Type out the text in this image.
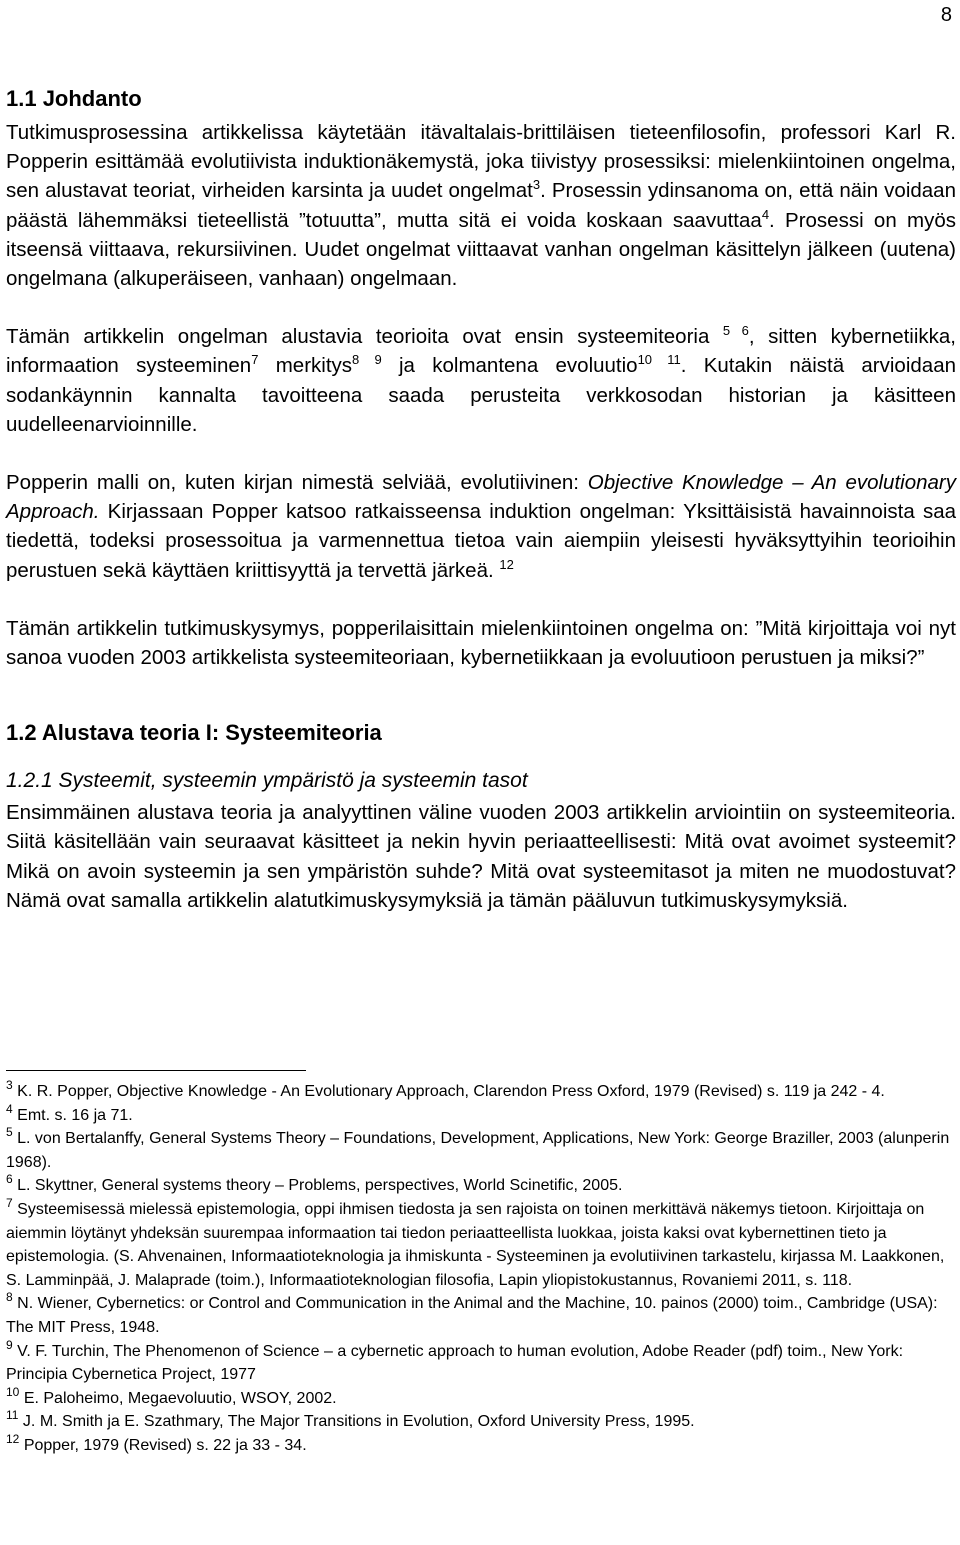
8
1.1 Johdanto

Tutkimusprosessina artikkelissa käytetään itävaltalais-brittiläisen tieteenfilosofin, professori Karl R. Popperin esittämää evolutiivista induktionäkemystä, joka tiivistyy prosessiksi: mielenkiintoinen ongelma, sen alustavat teoriat, virheiden karsinta ja uudet ongelmat$^3$. Prosessin ydinsanoma on, että näin voidaan päästä lähemmäksi tieteellistä ”totuutta”, mutta sitä ei voida koskaan saavuttaa$^4$. Prosessi on myös itseensä viittaava, rekursiivinen. Uudet ongelmat viittaavat vanhan ongelman käsittelyn jälkeen (uutena) ongelmana (alkuperäiseen, vanhaan) ongelmaan.

Tämän artikkelin ongelman alustavia teorioita ovat ensin systeemiteoria $^{5 6}$, sitten kybernetiikka, informaation systeeminen$^7$ merkitys$^{8 9}$ ja kolmantena evoluutio$^{10 11}$. Kutakin näistä arvioidaan sodankäynnin kannalta tavoitteena saada perusteita verkkosodan historian ja käsitteen uudelleenarvioinnille.

Popperin malli on, kuten kirjan nimestä selviää, evolutiivinen: Objective Knowledge – An evolutionary Approach. Kirjassaan Popper katsoo ratkaisseensa induktion ongelman: Yksittäisistä havainnoista saa tiedettä, todeksi prosessoitua ja varmennettua tietoa vain aiempiin yleisesti hyväksyttyihin teorioihin perustuen sekä käyttäen kriittisyyttä ja tervettä järkeä. $^{12}$

Tämän artikkelin tutkimuskysymys, popperilaisittain mielenkiintoinen ongelma on: ”Mitä kirjoittaja voi nyt sanoa vuoden 2003 artikkelista systeemiteoriaan, kybernetiikkaan ja evoluutioon perustuen ja miksi?”

1.2 Alustava teoria I: Systeemiteoria
1.2.1 Systeemit, systeemin ympäristö ja systeemin tasot

Ensimmäinen alustava teoria ja analyyttinen väline vuoden 2003 artikkelin arviointiin on systeemiteoria. Siitä käsitellään vain seuraavat käsitteet ja nekin hyvin periaatteellisesti: Mitä ovat avoimet systeemit? Mikä on avoin systeemin ja sen ympäristön suhde? Mitä ovat systeemitasot ja miten ne muodostuvat? Nämä ovat samalla artikkelin alatutkimuskysymyksiä ja tämän pääluvun tutkimuskysymyksiä.

$^3$ K. R. Popper, Objective Knowledge - An Evolutionary Approach, Clarendon Press Oxford, 1979 (Revised) s. 119 ja 242 - 4.

$^4$ Emt. s. 16 ja 71.

$^5$ L. von Bertalanffy, General Systems Theory – Foundations, Development, Applications, New York: George Braziller, 2003 (alunperin 1968).

$^6$ L. Skyttner, General systems theory – Problems, perspectives, World Scinetific, 2005.

$^7$ Systeemisessä mielessä epistemologia, oppi ihmisen tiedosta ja sen rajoista on toinen merkittävä näkemys tietoon. Kirjoittaja on aiemmin löytänyt yhdeksän suurempaa informaation tai tiedon periaatteellista luokkaa, joista kaksi ovat kybernettinen tieto ja epistemologia. (S. Ahvenainen, Informaatioteknologia ja ihmiskunta - Systeeminen ja evolutiivinen tarkastelu, kirjassa M. Laakkonen, S. Lamminpää, J. Malaprade (toim.), Informaatioteknologian filosofia, Lapin yliopistokustannus, Rovaniemi 2011, s. 118.

$^8$ N. Wiener, Cybernetics: or Control and Communication in the Animal and the Machine, 10. painos (2000) toim., Cambridge (USA): The MIT Press, 1948.

$^9$ V. F. Turchin, The Phenomenon of Science – a cybernetic approach to human evolution, Adobe Reader (pdf) toim., New York: Principia Cybernetica Project, 1977

$^{10}$ E. Paloheimo, Megaevoluutio, WSOY, 2002.

$^{11}$ J. M. Smith ja E. Szathmary, The Major Transitions in Evolution, Oxford University Press, 1995.

$^{12}$ Popper, 1979 (Revised) s. 22 ja 33 - 34.
